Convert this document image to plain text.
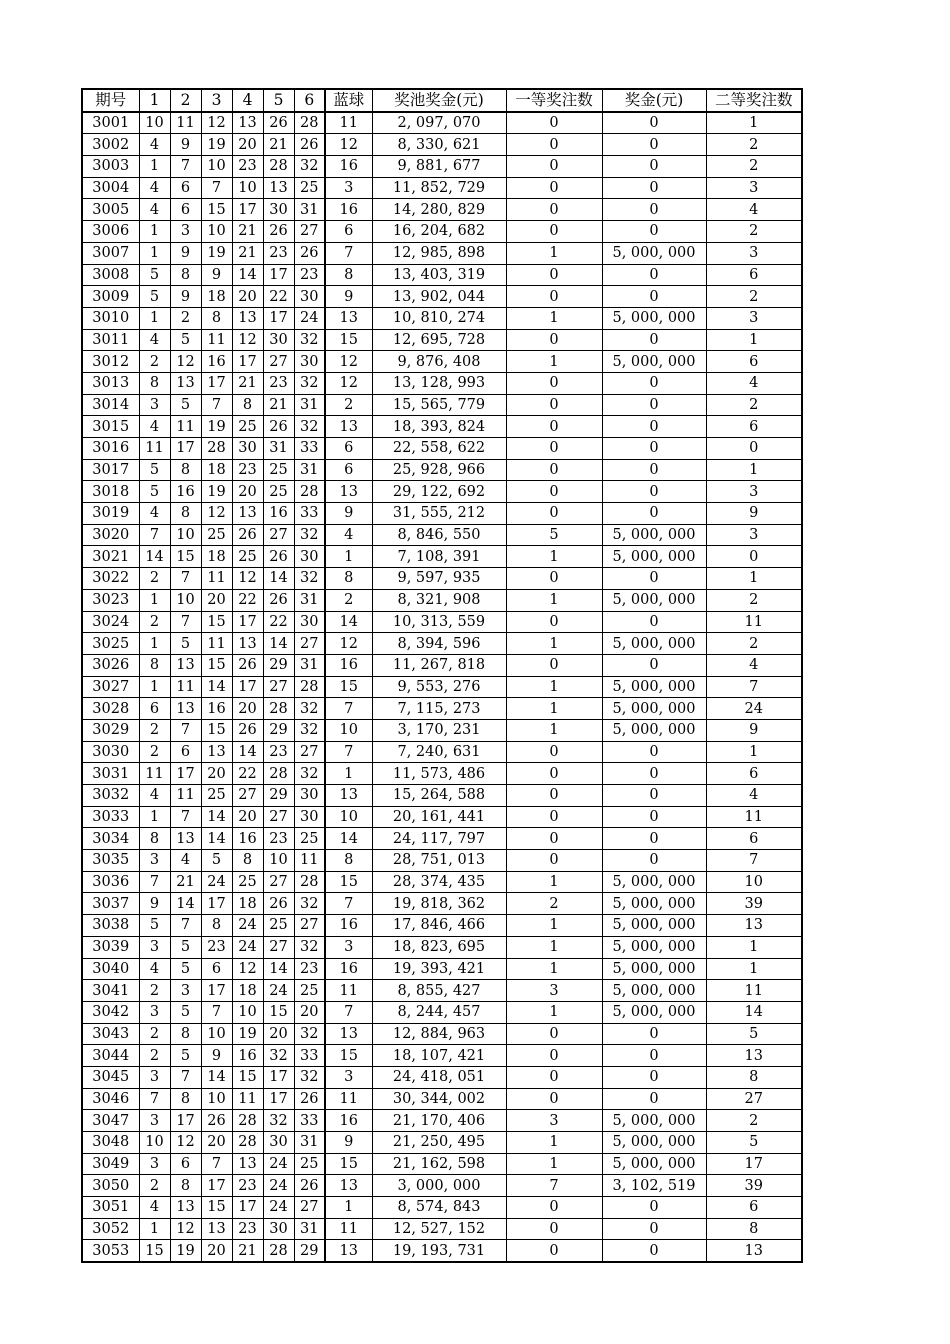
期号	1	2	3	4	5	6	蓝球	奖池奖金(元)	一等奖注数	奖金(元)	二等奖注数
3001	10	11	12	13	26	28	11	2, 097, 070	0	0	1
3002	4	9	19	20	21	26	12	8, 330, 621	0	0	2
3003	1	7	10	23	28	32	16	9, 881, 677	0	0	2
3004	4	6	7	10	13	25	3	11, 852, 729	0	0	3
3005	4	6	15	17	30	31	16	14, 280, 829	0	0	4
3006	1	3	10	21	26	27	6	16, 204, 682	0	0	2
3007	1	9	19	21	23	26	7	12, 985, 898	1	5, 000, 000	3
3008	5	8	9	14	17	23	8	13, 403, 319	0	0	6
3009	5	9	18	20	22	30	9	13, 902, 044	0	0	2
3010	1	2	8	13	17	24	13	10, 810, 274	1	5, 000, 000	3
3011	4	5	11	12	30	32	15	12, 695, 728	0	0	1
3012	2	12	16	17	27	30	12	9, 876, 408	1	5, 000, 000	6
3013	8	13	17	21	23	32	12	13, 128, 993	0	0	4
3014	3	5	7	8	21	31	2	15, 565, 779	0	0	2
3015	4	11	19	25	26	32	13	18, 393, 824	0	0	6
3016	11	17	28	30	31	33	6	22, 558, 622	0	0	0
3017	5	8	18	23	25	31	6	25, 928, 966	0	0	1
3018	5	16	19	20	25	28	13	29, 122, 692	0	0	3
3019	4	8	12	13	16	33	9	31, 555, 212	0	0	9
3020	7	10	25	26	27	32	4	8, 846, 550	5	5, 000, 000	3
3021	14	15	18	25	26	30	1	7, 108, 391	1	5, 000, 000	0
3022	2	7	11	12	14	32	8	9, 597, 935	0	0	1
3023	1	10	20	22	26	31	2	8, 321, 908	1	5, 000, 000	2
3024	2	7	15	17	22	30	14	10, 313, 559	0	0	11
3025	1	5	11	13	14	27	12	8, 394, 596	1	5, 000, 000	2
3026	8	13	15	26	29	31	16	11, 267, 818	0	0	4
3027	1	11	14	17	27	28	15	9, 553, 276	1	5, 000, 000	7
3028	6	13	16	20	28	32	7	7, 115, 273	1	5, 000, 000	24
3029	2	7	15	26	29	32	10	3, 170, 231	1	5, 000, 000	9
3030	2	6	13	14	23	27	7	7, 240, 631	0	0	1
3031	11	17	20	22	28	32	1	11, 573, 486	0	0	6
3032	4	11	25	27	29	30	13	15, 264, 588	0	0	4
3033	1	7	14	20	27	30	10	20, 161, 441	0	0	11
3034	8	13	14	16	23	25	14	24, 117, 797	0	0	6
3035	3	4	5	8	10	11	8	28, 751, 013	0	0	7
3036	7	21	24	25	27	28	15	28, 374, 435	1	5, 000, 000	10
3037	9	14	17	18	26	32	7	19, 818, 362	2	5, 000, 000	39
3038	5	7	8	24	25	27	16	17, 846, 466	1	5, 000, 000	13
3039	3	5	23	24	27	32	3	18, 823, 695	1	5, 000, 000	1
3040	4	5	6	12	14	23	16	19, 393, 421	1	5, 000, 000	1
3041	2	3	17	18	24	25	11	8, 855, 427	3	5, 000, 000	11
3042	3	5	7	10	15	20	7	8, 244, 457	1	5, 000, 000	14
3043	2	8	10	19	20	32	13	12, 884, 963	0	0	5
3044	2	5	9	16	32	33	15	18, 107, 421	0	0	13
3045	3	7	14	15	17	32	3	24, 418, 051	0	0	8
3046	7	8	10	11	17	26	11	30, 344, 002	0	0	27
3047	3	17	26	28	32	33	16	21, 170, 406	3	5, 000, 000	2
3048	10	12	20	28	30	31	9	21, 250, 495	1	5, 000, 000	5
3049	3	6	7	13	24	25	15	21, 162, 598	1	5, 000, 000	17
3050	2	8	17	23	24	26	13	3, 000, 000	7	3, 102, 519	39
3051	4	13	15	17	24	27	1	8, 574, 843	0	0	6
3052	1	12	13	23	30	31	11	12, 527, 152	0	0	8
3053	15	19	20	21	28	29	13	19, 193, 731	0	0	13
